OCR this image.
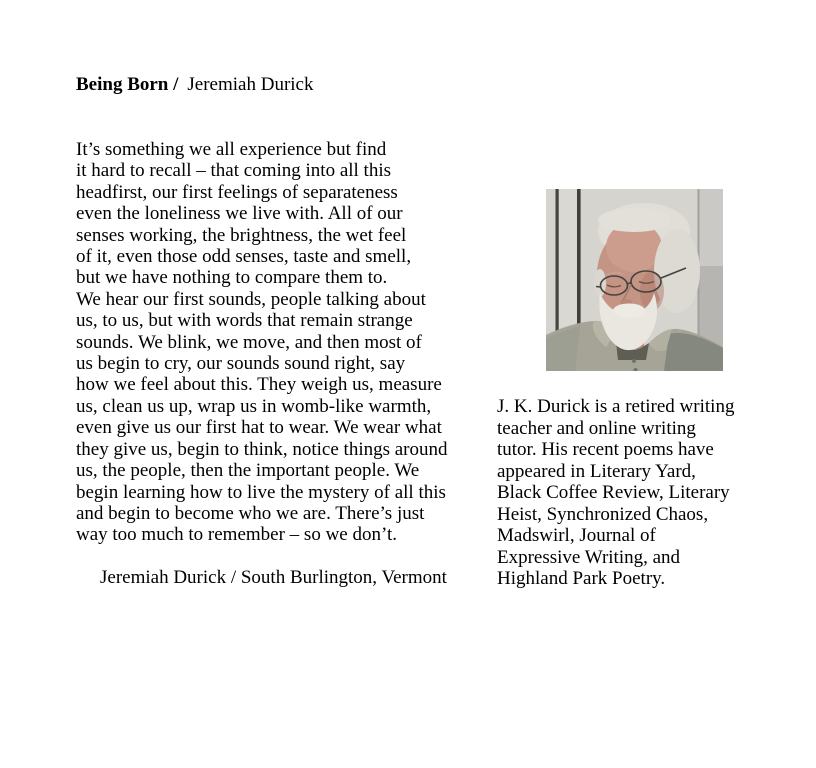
Being Born / Jeremiah Durick
It’s something we all experience but find
it hard to recall – that coming into all this
headfirst, our first feelings of separateness
even the loneliness we live with. All of our
senses working, the brightness, the wet feel
of it, even those odd senses, taste and smell,
but we have nothing to compare them to.
We hear our first sounds, people talking about
us, to us, but with words that remain strange
sounds. We blink, we move, and then most of
us begin to cry, our sounds sound right, say
how we feel about this. They weigh us, measure
us, clean us up, wrap us in womb-like warmth,
even give us our first hat to wear. We wear what
they give us, begin to think, notice things around
us, the people, then the important people. We
begin learning how to live the mystery of all this
and begin to become who we are. There’s just
way too much to remember – so we don’t.
Jeremiah Durick / South Burlington, Vermont
J. K. Durick is a retired writing
teacher and online writing
tutor. His recent poems have
appeared in Literary Yard,
Black Coffee Review, Literary
Heist, Synchronized Chaos,
Madswirl, Journal of
Expressive Writing, and
Highland Park Poetry.
